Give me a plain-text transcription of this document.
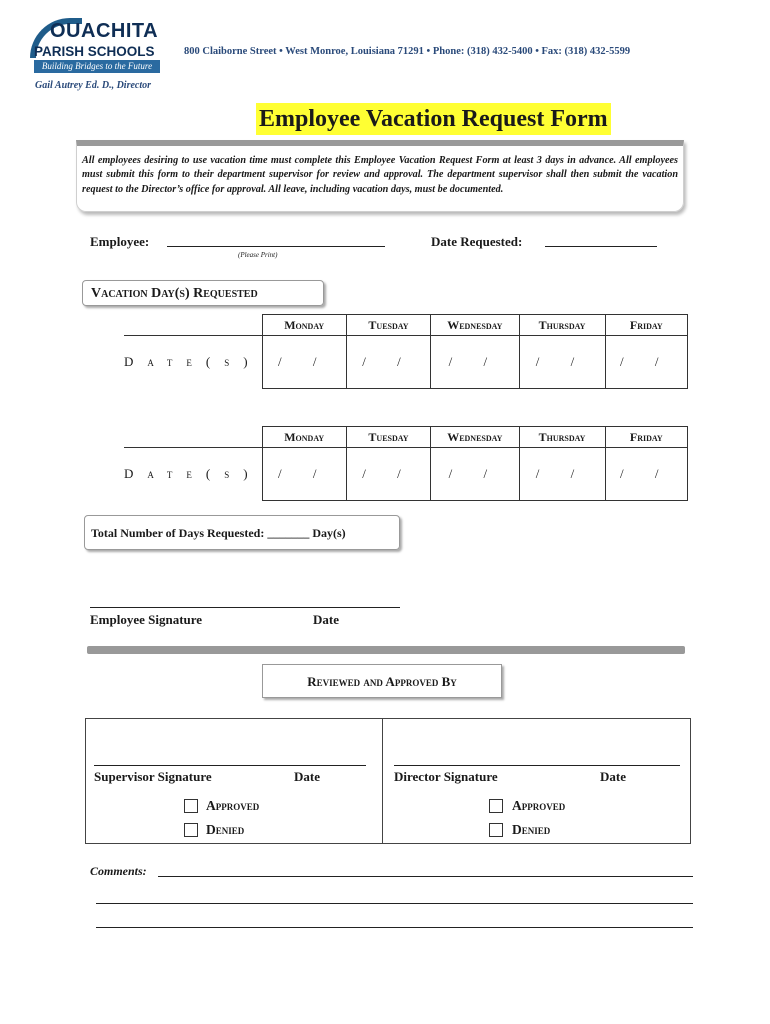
OUACHITA
PARISH SCHOOLS
Building Bridges to the Future
800 Claiborne Street • West Monroe, Louisiana 71291 • Phone: (318) 432-5400 • Fax: (318) 432-5599
Gail Autrey Ed. D., Director
Employee Vacation Request Form
All employees desiring to use vacation time must complete this Employee Vacation Request Form at least 3 days in advance. All employees must submit this form to their department supervisor for review and approval. The department supervisor shall then submit the vacation request to the Director’s office for approval. All leave, including vacation days, must be documented.
Employee:
(Please Print)
Date Requested:
Vacation Day(s) Requested
	Monday	Tuesday	Wednesday	Thursday	Friday
Date(s)	/ /	/ /	/ /	/ /	/ /
	Monday	Tuesday	Wednesday	Thursday	Friday
Date(s)	/ /	/ /	/ /	/ /	/ /
Total Number of Days Requested: _______ Day(s)
Employee Signature	Date
Reviewed and Approved By
Supervisor Signature	Date
Approved
Denied
Director Signature	Date
Approved
Denied
Comments:
